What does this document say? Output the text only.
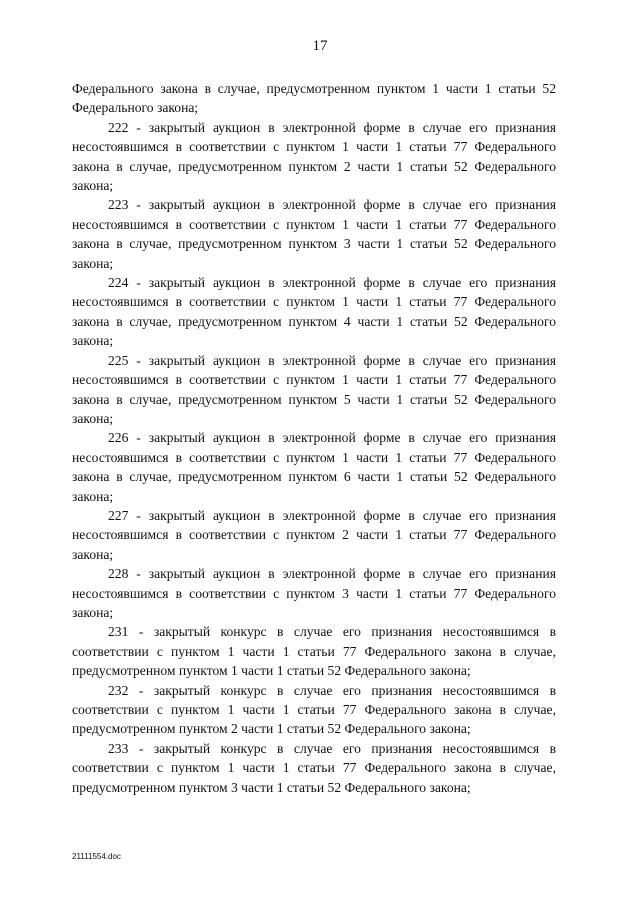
17

Федерального закона в случае, предусмотренном пунктом 1 части 1 статьи 52 Федерального закона;

222 - закрытый аукцион в электронной форме в случае его признания несостоявшимся в соответствии с пунктом 1 части 1 статьи 77 Федерального закона в случае, предусмотренном пунктом 2 части 1 статьи 52 Федерального закона;

223 - закрытый аукцион в электронной форме в случае его признания несостоявшимся в соответствии с пунктом 1 части 1 статьи 77 Федерального закона в случае, предусмотренном пунктом 3 части 1 статьи 52 Федерального закона;

224 - закрытый аукцион в электронной форме в случае его признания несостоявшимся в соответствии с пунктом 1 части 1 статьи 77 Федерального закона в случае, предусмотренном пунктом 4 части 1 статьи 52 Федерального закона;

225 - закрытый аукцион в электронной форме в случае его признания несостоявшимся в соответствии с пунктом 1 части 1 статьи 77 Федерального закона в случае, предусмотренном пунктом 5 части 1 статьи 52 Федерального закона;

226 - закрытый аукцион в электронной форме в случае его признания несостоявшимся в соответствии с пунктом 1 части 1 статьи 77 Федерального закона в случае, предусмотренном пунктом 6 части 1 статьи 52 Федерального закона;

227 - закрытый аукцион в электронной форме в случае его признания несостоявшимся в соответствии с пунктом 2 части 1 статьи 77 Федерального закона;

228 - закрытый аукцион в электронной форме в случае его признания несостоявшимся в соответствии с пунктом 3 части 1 статьи 77 Федерального закона;

231 - закрытый конкурс в случае его признания несостоявшимся в соответствии с пунктом 1 части 1 статьи 77 Федерального закона в случае, предусмотренном пунктом 1 части 1 статьи 52 Федерального закона;

232 - закрытый конкурс в случае его признания несостоявшимся в соответствии с пунктом 1 части 1 статьи 77 Федерального закона в случае, предусмотренном пунктом 2 части 1 статьи 52 Федерального закона;

233 - закрытый конкурс в случае его признания несостоявшимся в соответствии с пунктом 1 части 1 статьи 77 Федерального закона в случае, предусмотренном пунктом 3 части 1 статьи 52 Федерального закона;

21111554.doc
